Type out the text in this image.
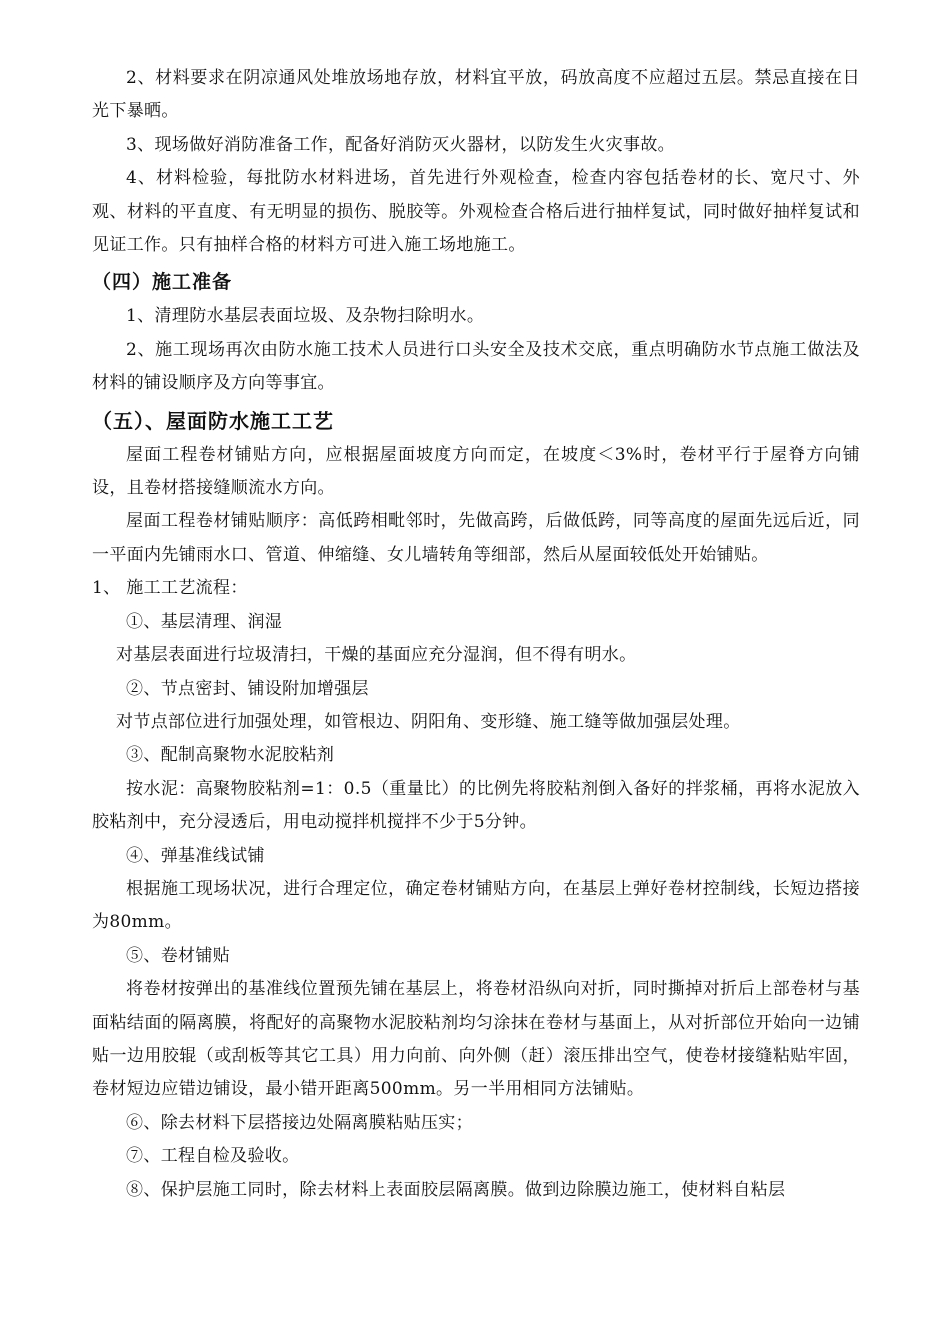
2、材料要求在阴凉通风处堆放场地存放，材料宜平放，码放高度不应超过五层。禁忌直接在日光下暴晒。

3、现场做好消防准备工作，配备好消防灭火器材，以防发生火灾事故。

4、材料检验，每批防水材料进场，首先进行外观检查，检查内容包括卷材的长、宽尺寸、外观、材料的平直度、有无明显的损伤、脱胶等。外观检查合格后进行抽样复试，同时做好抽样复试和见证工作。只有抽样合格的材料方可进入施工场地施工。

（四）施工准备

1、清理防水基层表面垃圾、及杂物扫除明水。

2、施工现场再次由防水施工技术人员进行口头安全及技术交底，重点明确防水节点施工做法及材料的铺设顺序及方向等事宜。

（五）、屋面防水施工工艺

屋面工程卷材铺贴方向，应根据屋面坡度方向而定，在坡度＜3%时，卷材平行于屋脊方向铺设，且卷材搭接缝顺流水方向。

屋面工程卷材铺贴顺序：高低跨相毗邻时，先做高跨，后做低跨，同等高度的屋面先远后近，同一平面内先铺雨水口、管道、伸缩缝、女儿墙转角等细部，然后从屋面较低处开始铺贴。

1、 施工工艺流程：

①、基层清理、润湿

对基层表面进行垃圾清扫，干燥的基面应充分湿润，但不得有明水。

②、节点密封、铺设附加增强层

对节点部位进行加强处理，如管根边、阴阳角、变形缝、施工缝等做加强层处理。

③、配制高聚物水泥胶粘剂

按水泥：高聚物胶粘剂=1：0.5（重量比）的比例先将胶粘剂倒入备好的拌浆桶，再将水泥放入胶粘剂中，充分浸透后，用电动搅拌机搅拌不少于5分钟。

④、弹基准线试铺

根据施工现场状况，进行合理定位，确定卷材铺贴方向，在基层上弹好卷材控制线，长短边搭接为80mm。

⑤、卷材铺贴

将卷材按弹出的基准线位置预先铺在基层上，将卷材沿纵向对折，同时撕掉对折后上部卷材与基面粘结面的隔离膜，将配好的高聚物水泥胶粘剂均匀涂抹在卷材与基面上，从对折部位开始向一边铺贴一边用胶辊（或刮板等其它工具）用力向前、向外侧（赶）滚压排出空气，使卷材接缝粘贴牢固，卷材短边应错边铺设，最小错开距离500mm。另一半用相同方法铺贴。

⑥、除去材料下层搭接边处隔离膜粘贴压实；

⑦、工程自检及验收。

⑧、保护层施工同时，除去材料上表面胶层隔离膜。做到边除膜边施工，使材料自粘层
